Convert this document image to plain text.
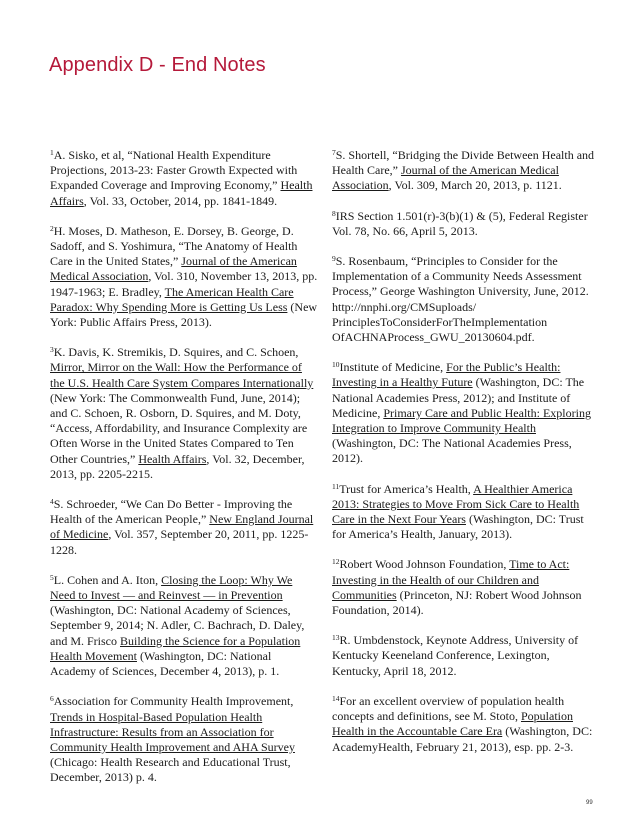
Appendix D - End Notes

$^1$A. Sisko, et al, “National Health Expenditure Projections, 2013-23: Faster Growth Expected with Expanded Coverage and Improving Economy,” Health Affairs, Vol. 33, October, 2014, pp. 1841-1849.

$^2$H. Moses, D. Matheson, E. Dorsey, B. George, D. Sadoff, and S. Yoshimura, “The Anatomy of Health Care in the United States,” Journal of the American Medical Association, Vol. 310, November 13, 2013, pp. 1947-1963; E. Bradley, The American Health Care Paradox: Why Spending More is Getting Us Less (New York: Public Affairs Press, 2013).

$^3$K. Davis, K. Stremikis, D. Squires, and C. Schoen, Mirror, Mirror on the Wall: How the Performance of the U.S. Health Care System Compares Internationally (New York: The Commonwealth Fund, June, 2014); and C. Schoen, R. Osborn, D. Squires, and M. Doty, “Access, Affordability, and Insurance Complexity are Often Worse in the United States Compared to Ten Other Countries,” Health Affairs, Vol. 32, December, 2013, pp. 2205-2215.

$^4$S. Schroeder, “We Can Do Better - Improving the Health of the American People,” New England Journal of Medicine, Vol. 357, September 20, 2011, pp. 1225-1228.

$^5$L. Cohen and A. Iton, Closing the Loop: Why We Need to Invest — and Reinvest — in Prevention (Washington, DC: National Academy of Sciences, September 9, 2014; N. Adler, C. Bachrach, D. Daley, and M. Frisco Building the Science for a Population Health Movement (Washington, DC: National Academy of Sciences, December 4, 2013), p. 1.

$^6$Association for Community Health Improvement, Trends in Hospital-Based Population Health Infrastructure: Results from an Association for Community Health Improvement and AHA Survey (Chicago: Health Research and Educational Trust, December, 2013) p. 4.

$^7$S. Shortell, “Bridging the Divide Between Health and Health Care,” Journal of the American Medical Association, Vol. 309, March 20, 2013, p. 1121.

$^8$IRS Section 1.501(r)-3(b)(1) & (5), Federal Register Vol. 78, No. 66, April 5, 2013.

$^9$S. Rosenbaum, “Principles to Consider for the Implementation of a Community Needs Assessment Process,” George Washington University, June, 2012. http://nnphi.org/CMSuploads/ PrinciplesToConsiderForTheImplementation OfACHNAProcess_GWU_20130604.pdf.

$^{10}$Institute of Medicine, For the Public’s Health: Investing in a Healthy Future (Washington, DC: The National Academies Press, 2012); and Institute of Medicine, Primary Care and Public Health: Exploring Integration to Improve Community Health (Washington, DC: The National Academies Press, 2012).

$^{11}$Trust for America’s Health, A Healthier America 2013: Strategies to Move From Sick Care to Health Care in the Next Four Years (Washington, DC: Trust for America’s Health, January, 2013).

$^{12}$Robert Wood Johnson Foundation, Time to Act: Investing in the Health of our Children and Communities (Princeton, NJ: Robert Wood Johnson Foundation, 2014).

$^{13}$R. Umbdenstock, Keynote Address, University of Kentucky Keeneland Conference, Lexington, Kentucky, April 18, 2012.

$^{14}$For an excellent overview of population health concepts and definitions, see M. Stoto, Population Health in the Accountable Care Era (Washington, DC: AcademyHealth, February 21, 2013), esp. pp. 2-3.

99
